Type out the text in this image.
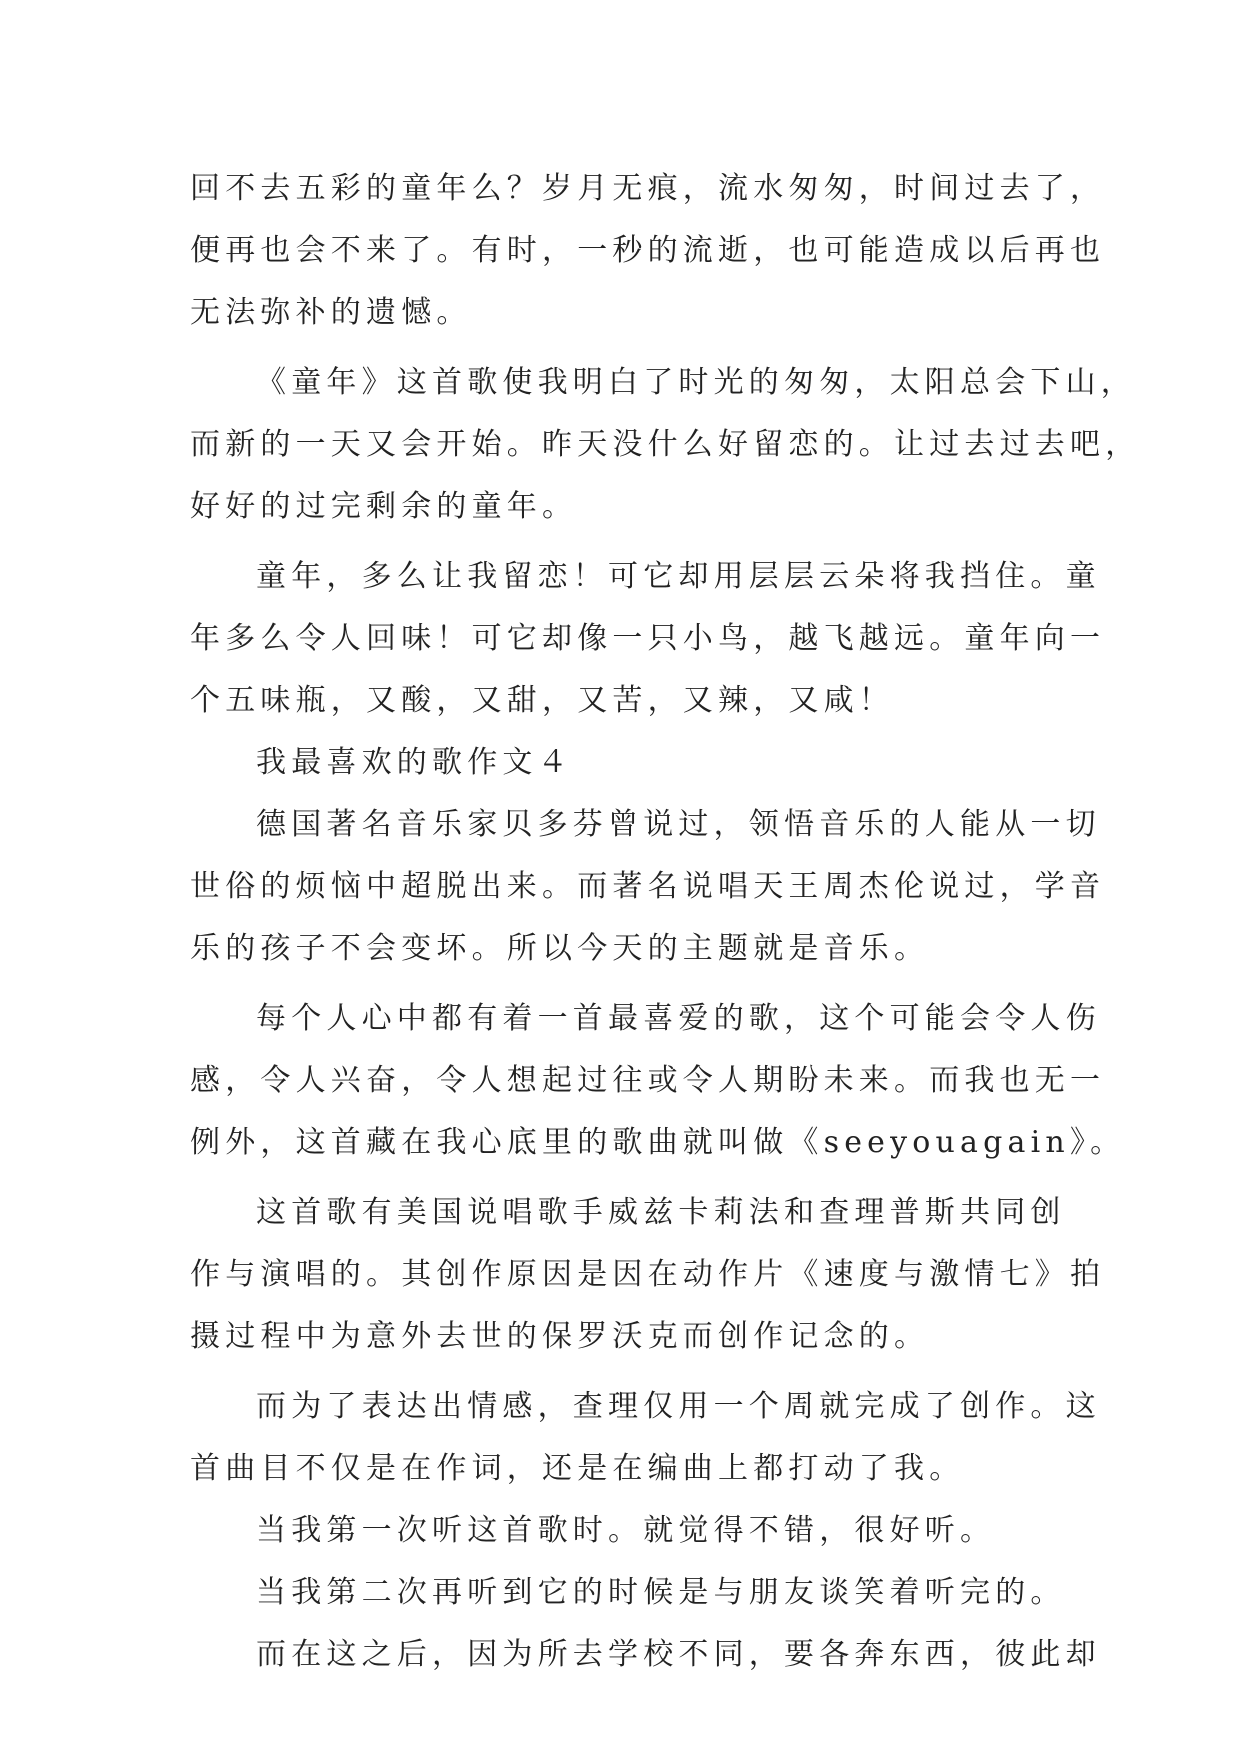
回不去五彩的童年么？岁月无痕，流水匆匆，时间过去了，
便再也会不来了。有时，一秒的流逝，也可能造成以后再也
无法弥补的遗憾。
《童年》这首歌使我明白了时光的匆匆，太阳总会下山，
而新的一天又会开始。昨天没什么好留恋的。让过去过去吧，
好好的过完剩余的童年。
童年，多么让我留恋！可它却用层层云朵将我挡住。童
年多么令人回味！可它却像一只小鸟，越飞越远。童年向一
个五味瓶，又酸，又甜，又苦，又辣，又咸！
我最喜欢的歌作文４
德国著名音乐家贝多芬曾说过，领悟音乐的人能从一切
世俗的烦恼中超脱出来。而著名说唱天王周杰伦说过，学音
乐的孩子不会变坏。所以今天的主题就是音乐。
每个人心中都有着一首最喜爱的歌，这个可能会令人伤
感，令人兴奋，令人想起过往或令人期盼未来。而我也无一
例外，这首藏在我心底里的歌曲就叫做《seeyouagain》。
这首歌有美国说唱歌手威兹卡莉法和查理普斯共同创
作与演唱的。其创作原因是因在动作片《速度与激情七》拍
摄过程中为意外去世的保罗沃克而创作记念的。
而为了表达出情感，查理仅用一个周就完成了创作。这
首曲目不仅是在作词，还是在编曲上都打动了我。
当我第一次听这首歌时。就觉得不错，很好听。
当我第二次再听到它的时候是与朋友谈笑着听完的。
而在这之后，因为所去学校不同，要各奔东西，彼此却
